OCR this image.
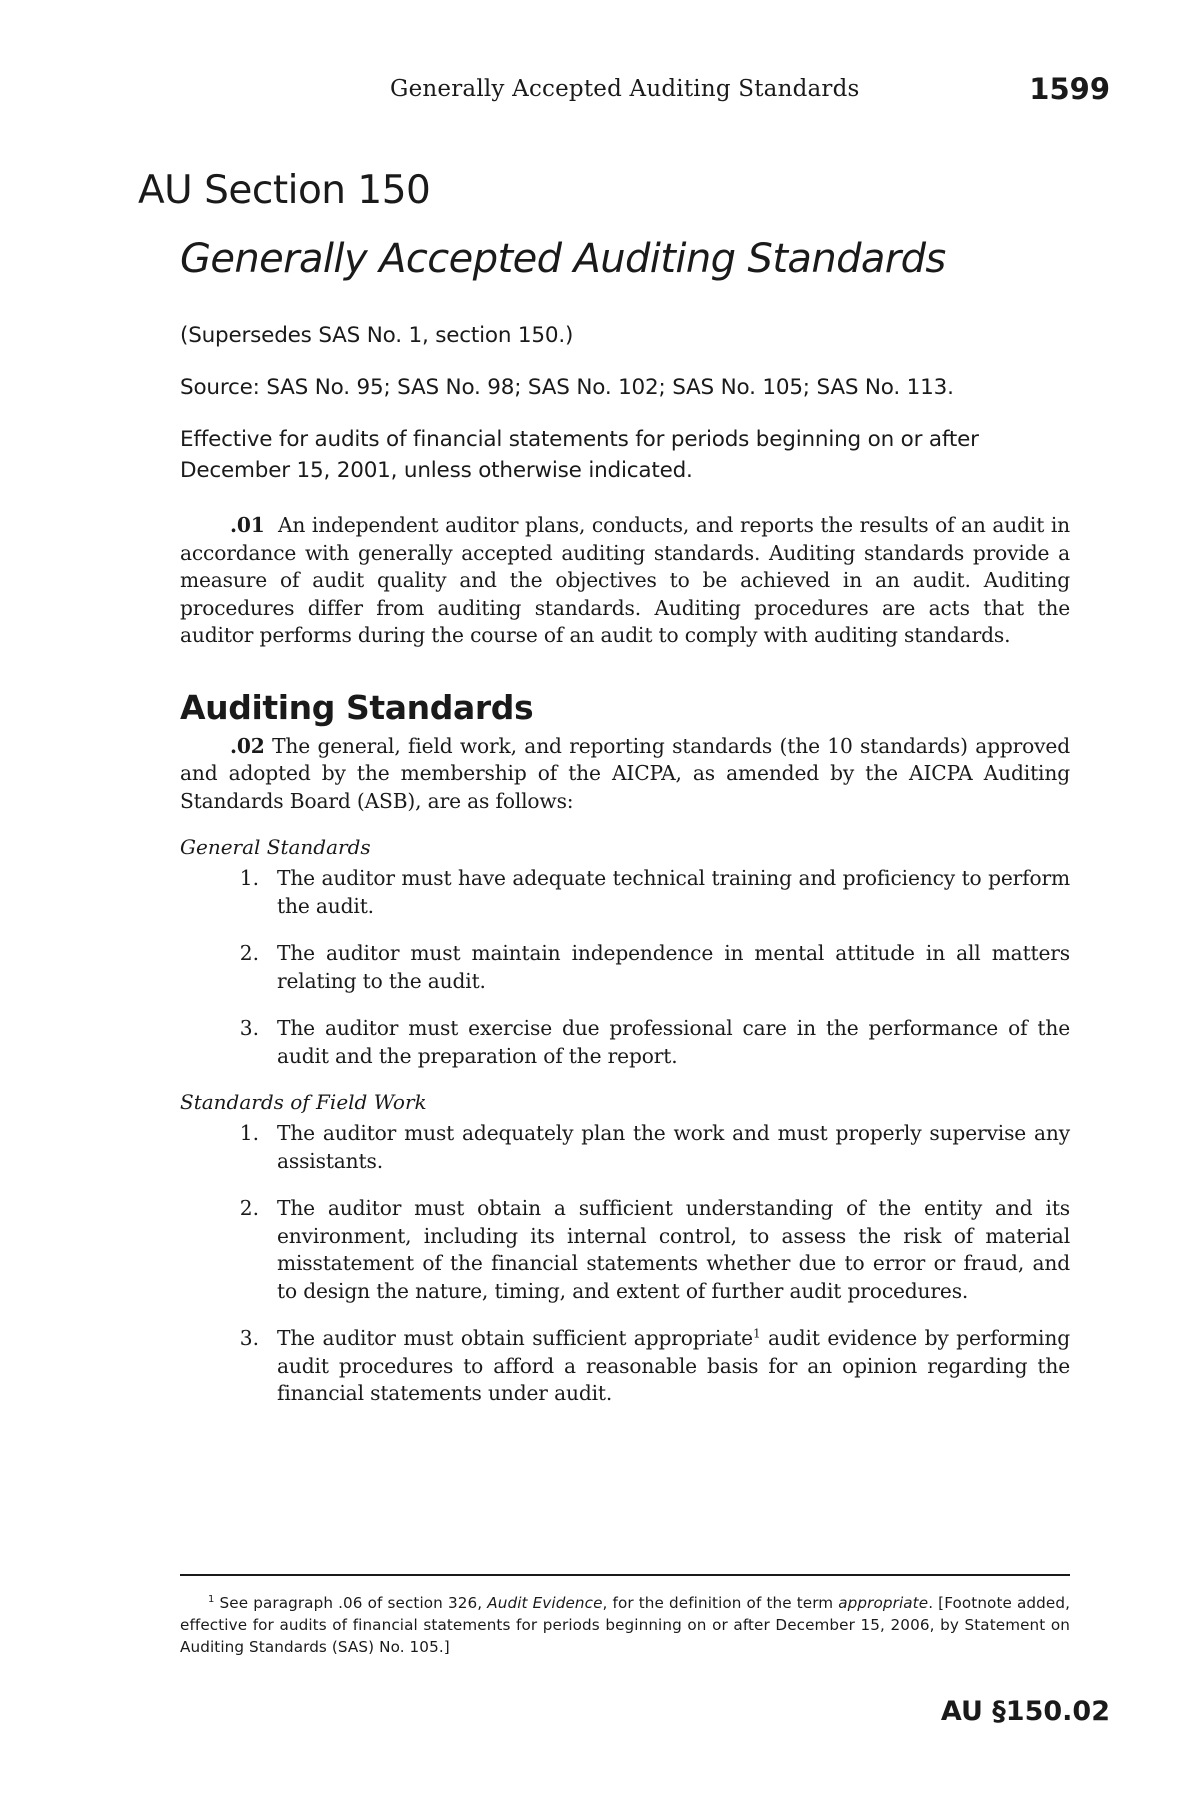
Generally Accepted Auditing Standards	1599
AU Section 150
Generally Accepted Auditing Standards

(Supersedes SAS No. 1, section 150.)

Source: SAS No. 95; SAS No. 98; SAS No. 102; SAS No. 105; SAS No. 113.

Effective for audits of financial statements for periods beginning on or after December 15, 2001, unless otherwise indicated.

.01 An independent auditor plans, conducts, and reports the results of an audit in accordance with generally accepted auditing standards. Auditing standards provide a measure of audit quality and the objectives to be achieved in an audit. Auditing procedures differ from auditing standards. Auditing procedures are acts that the auditor performs during the course of an audit to comply with auditing standards.

Auditing Standards

.02 The general, field work, and reporting standards (the 10 standards) approved and adopted by the membership of the AICPA, as amended by the AICPA Auditing Standards Board (ASB), are as follows:

General Standards
1. The auditor must have adequate technical training and proficiency to perform the audit.
2. The auditor must maintain independence in mental attitude in all matters relating to the audit.
3. The auditor must exercise due professional care in the performance of the audit and the preparation of the report.
Standards of Field Work
1. The auditor must adequately plan the work and must properly supervise any assistants.
2. The auditor must obtain a sufficient understanding of the entity and its environment, including its internal control, to assess the risk of material misstatement of the financial statements whether due to error or fraud, and to design the nature, timing, and extent of further audit procedures.
3. The auditor must obtain sufficient appropriate$^1$ audit evidence by performing audit procedures to afford a reasonable basis for an opinion regarding the financial statements under audit.
$^1$ See paragraph .06 of section 326, Audit Evidence, for the definition of the term appropriate. [Footnote added, effective for audits of financial statements for periods beginning on or after December 15, 2006, by Statement on Auditing Standards (SAS) No. 105.]
AU §150.02
